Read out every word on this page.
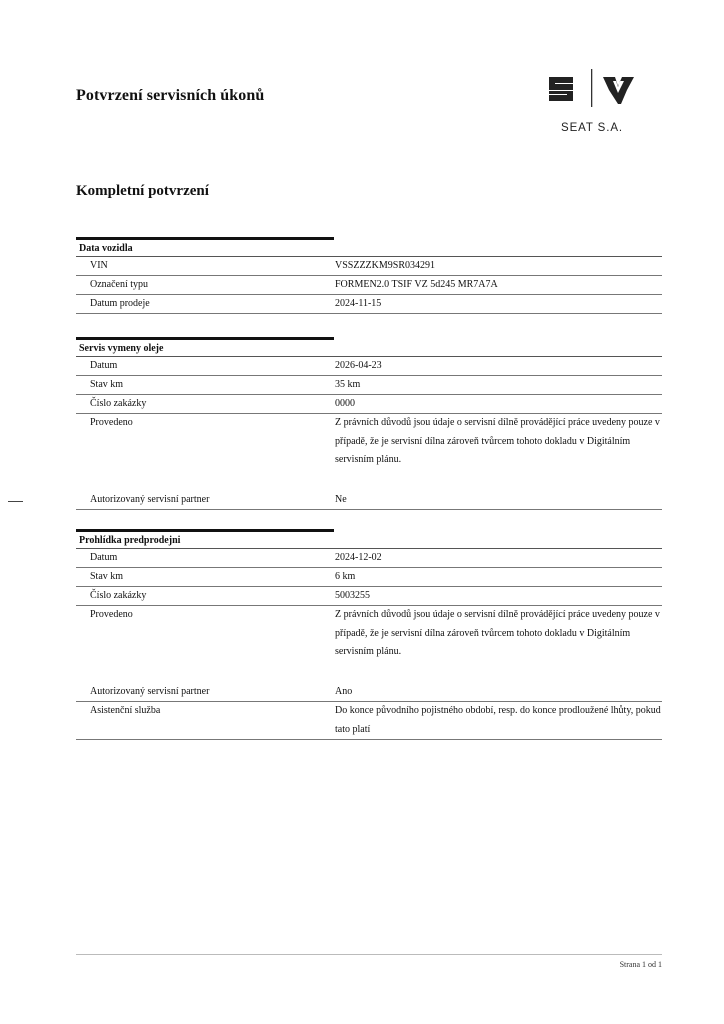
Potvrzení servisních úkonů
SEAT S.A.
Kompletní potvrzení
Data vozidla
VIN	VSSZZZKM9SR034291
Označení typu	FORMEN2.0 TSIF VZ 5d245 MR7A7A
Datum prodeje	2024-11-15
Servis vymeny oleje
Datum	2026-04-23
Stav km	35 km
Číslo zakázky	0000
Provedeno	Z právních důvodů jsou údaje o servisní dílně provádějící práce uvedeny pouze v případě, že je servisní dílna zároveň tvůrcem tohoto dokladu v Digitálním servisním plánu.
Autorizovaný servisní partner	Ne
Prohlídka predprodejni
Datum	2024-12-02
Stav km	6 km
Číslo zakázky	5003255
Provedeno	Z právních důvodů jsou údaje o servisní dílně provádějící práce uvedeny pouze v případě, že je servisní dílna zároveň tvůrcem tohoto dokladu v Digitálním servisním plánu.
Autorizovaný servisní partner	Ano
Asistenční služba	Do konce původního pojistného období, resp. do konce prodloužené lhůty, pokud tato platí
Strana 1 od 1
